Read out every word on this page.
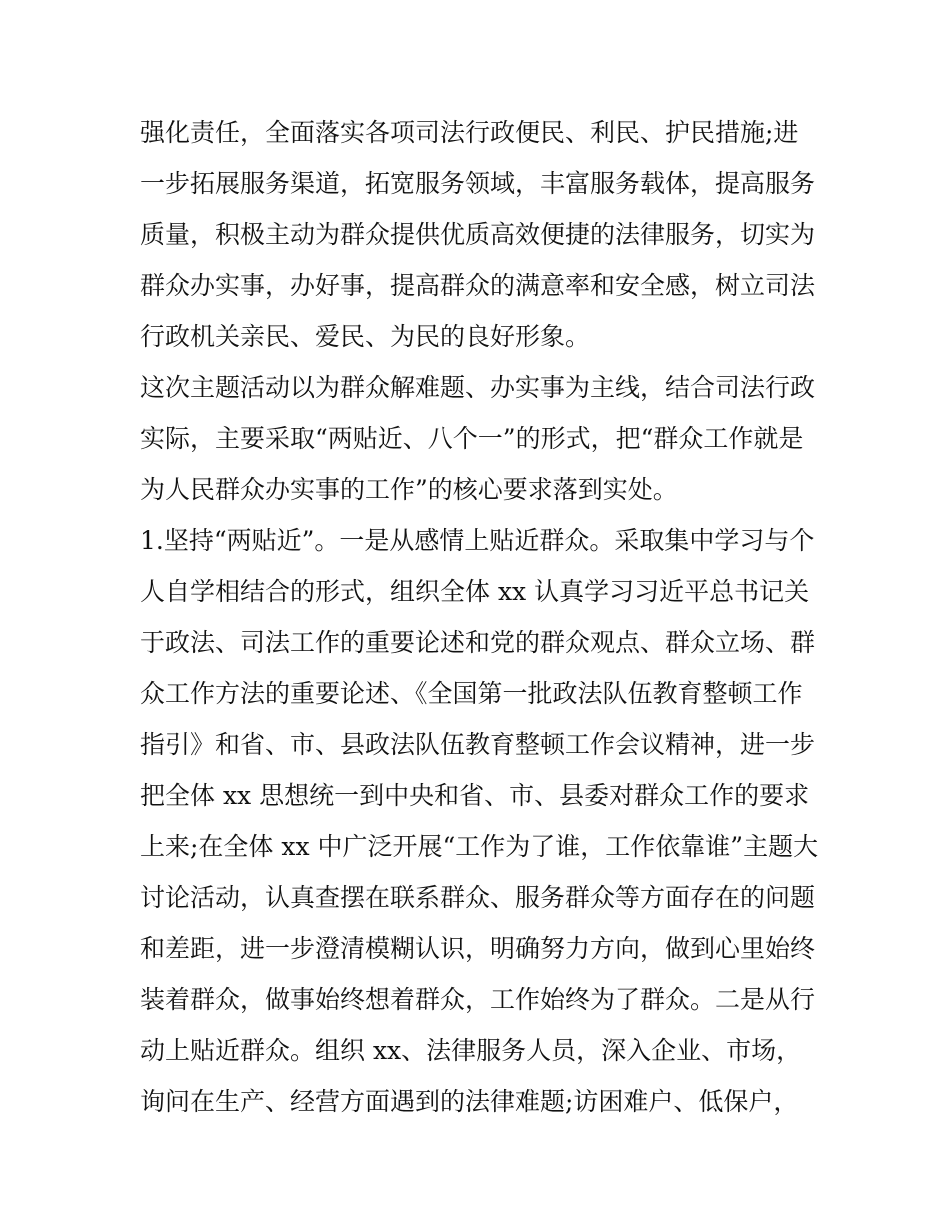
强化责任，全面落实各项司法行政便民、利民、护民措施;进
一步拓展服务渠道，拓宽服务领域，丰富服务载体，提高服务
质量，积极主动为群众提供优质高效便捷的法律服务，切实为
群众办实事，办好事，提高群众的满意率和安全感，树立司法
行政机关亲民、爱民、为民的良好形象。
这次主题活动以为群众解难题、办实事为主线，结合司法行政
实际，主要采取“两贴近、八个一”的形式，把“群众工作就是
为人民群众办实事的工作”的核心要求落到实处。
1.坚持“两贴近”。一是从感情上贴近群众。采取集中学习与个
人自学相结合的形式，组织全体 xx 认真学习习近平总书记关
于政法、司法工作的重要论述和党的群众观点、群众立场、群
众工作方法的重要论述、《全国第一批政法队伍教育整顿工作
指引》和省、市、县政法队伍教育整顿工作会议精神，进一步
把全体 xx 思想统一到中央和省、市、县委对群众工作的要求
上来;在全体 xx 中广泛开展“工作为了谁，工作依靠谁”主题大
讨论活动，认真查摆在联系群众、服务群众等方面存在的问题
和差距，进一步澄清模糊认识，明确努力方向，做到心里始终
装着群众，做事始终想着群众，工作始终为了群众。二是从行
动上贴近群众。组织 xx、法律服务人员，深入企业、市场，
询问在生产、经营方面遇到的法律难题;访困难户、低保户，
